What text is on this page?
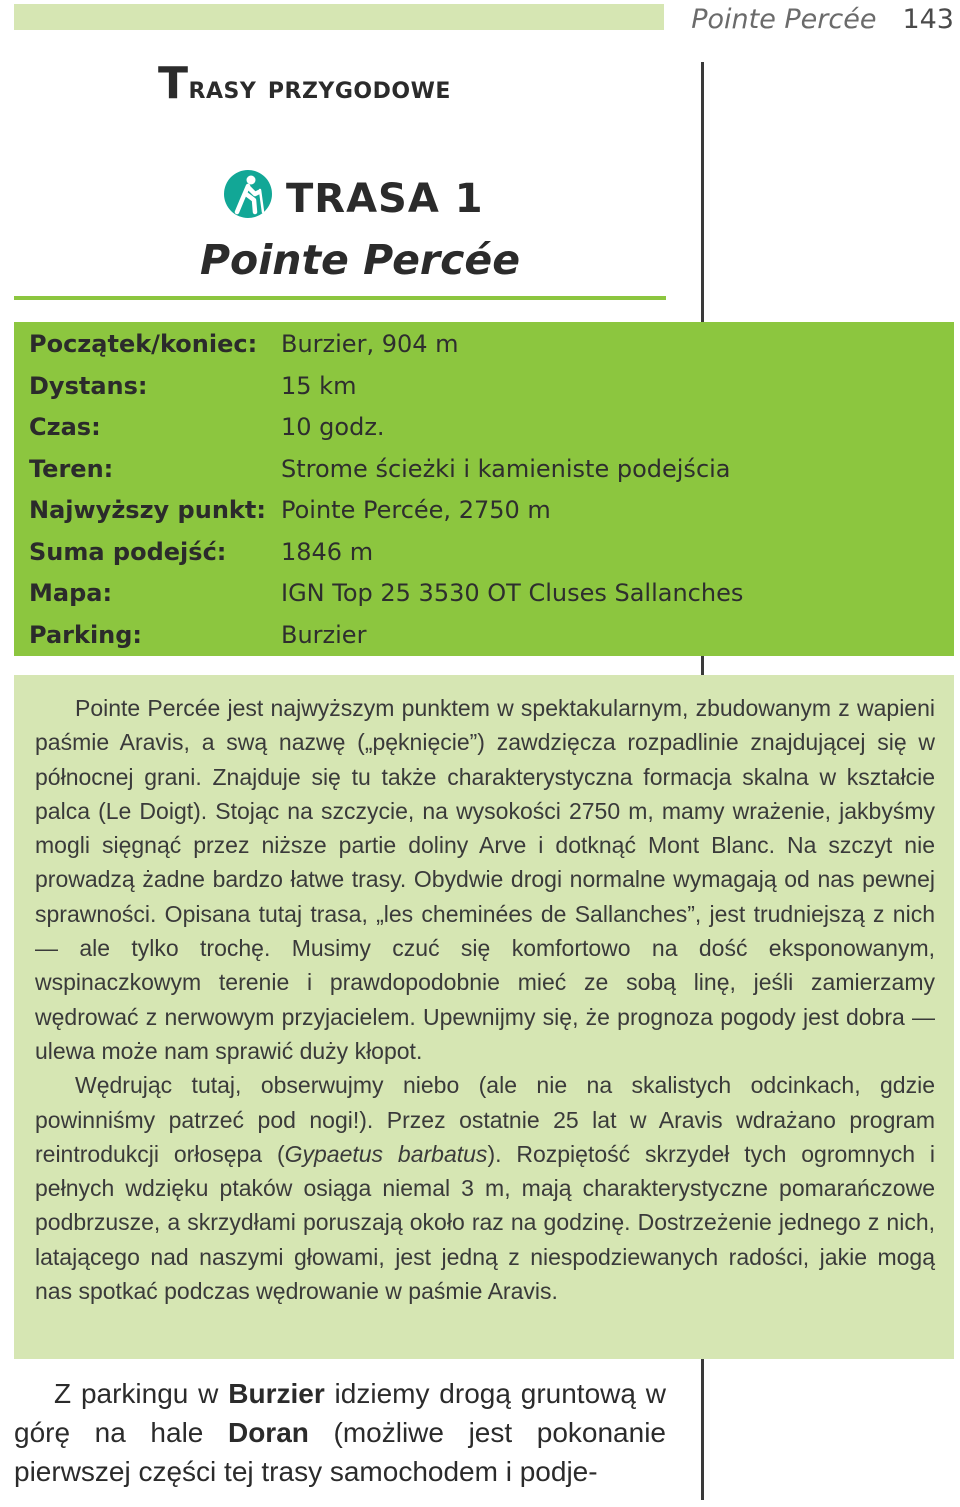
Pointe Percée 143
Trasy przygodowe
TRASA 1
Pointe Percée
Początek/koniec: Burzier, 904 m
Dystans:	15 km
Czas:	10 godz.
Teren:	Strome ścieżki i kamieniste podejścia
Najwyższy punkt: Pointe Percée, 2750 m
Suma podejść: 1846 m
Mapa:	IGN Top 25 3530 OT Cluses Sallanches
Parking:	Burzier

Pointe Percée jest najwyższym punktem w spektakularnym, zbudowanym z wapieni paśmie Aravis, a swą nazwę („pęknięcie”) zawdzięcza rozpadlinie znajdującej się w północnej grani. Znajduje się tu także charakterystyczna formacja skalna w kształcie palca (Le Doigt). Stojąc na szczycie, na wysokości 2750 m, mamy wrażenie, jakbyśmy mogli sięgnąć przez niższe partie doliny Arve i dotknąć Mont Blanc. Na szczyt nie prowadzą żadne bardzo łatwe trasy. Obydwie drogi normalne wymagają od nas pewnej sprawności. Opisana tutaj trasa, „les cheminées de Sallanches”, jest trudniejszą z nich — ale tylko trochę. Musimy czuć się komfortowo na dość eksponowanym, wspinaczkowym terenie i prawdopodobnie mieć ze sobą linę, jeśli zamierzamy wędrować z nerwowym przyjacielem. Upewnijmy się, że prognoza pogody jest dobra — ulewa może nam sprawić duży kłopot.

Wędrując tutaj, obserwujmy niebo (ale nie na skalistych odcinkach, gdzie powinniśmy patrzeć pod nogi!). Przez ostatnie 25 lat w Aravis wdrażano program reintrodukcji orłosępa (Gypaetus barbatus). Rozpiętość skrzydeł tych ogromnych i pełnych wdzięku ptaków osiąga niemal 3 m, mają charakterystyczne pomarańczowe podbrzusze, a skrzydłami poruszają około raz na godzinę. Dostrzeżenie jednego z nich, latającego nad naszymi głowami, jest jedną z niespodziewanych radości, jakie mogą nas spotkać podczas wędrowanie w paśmie Aravis.

Z parkingu w Burzier idziemy drogą gruntową w górę na hale Doran (możliwe jest pokonanie pierwszej części tej trasy samochodem i podje-
